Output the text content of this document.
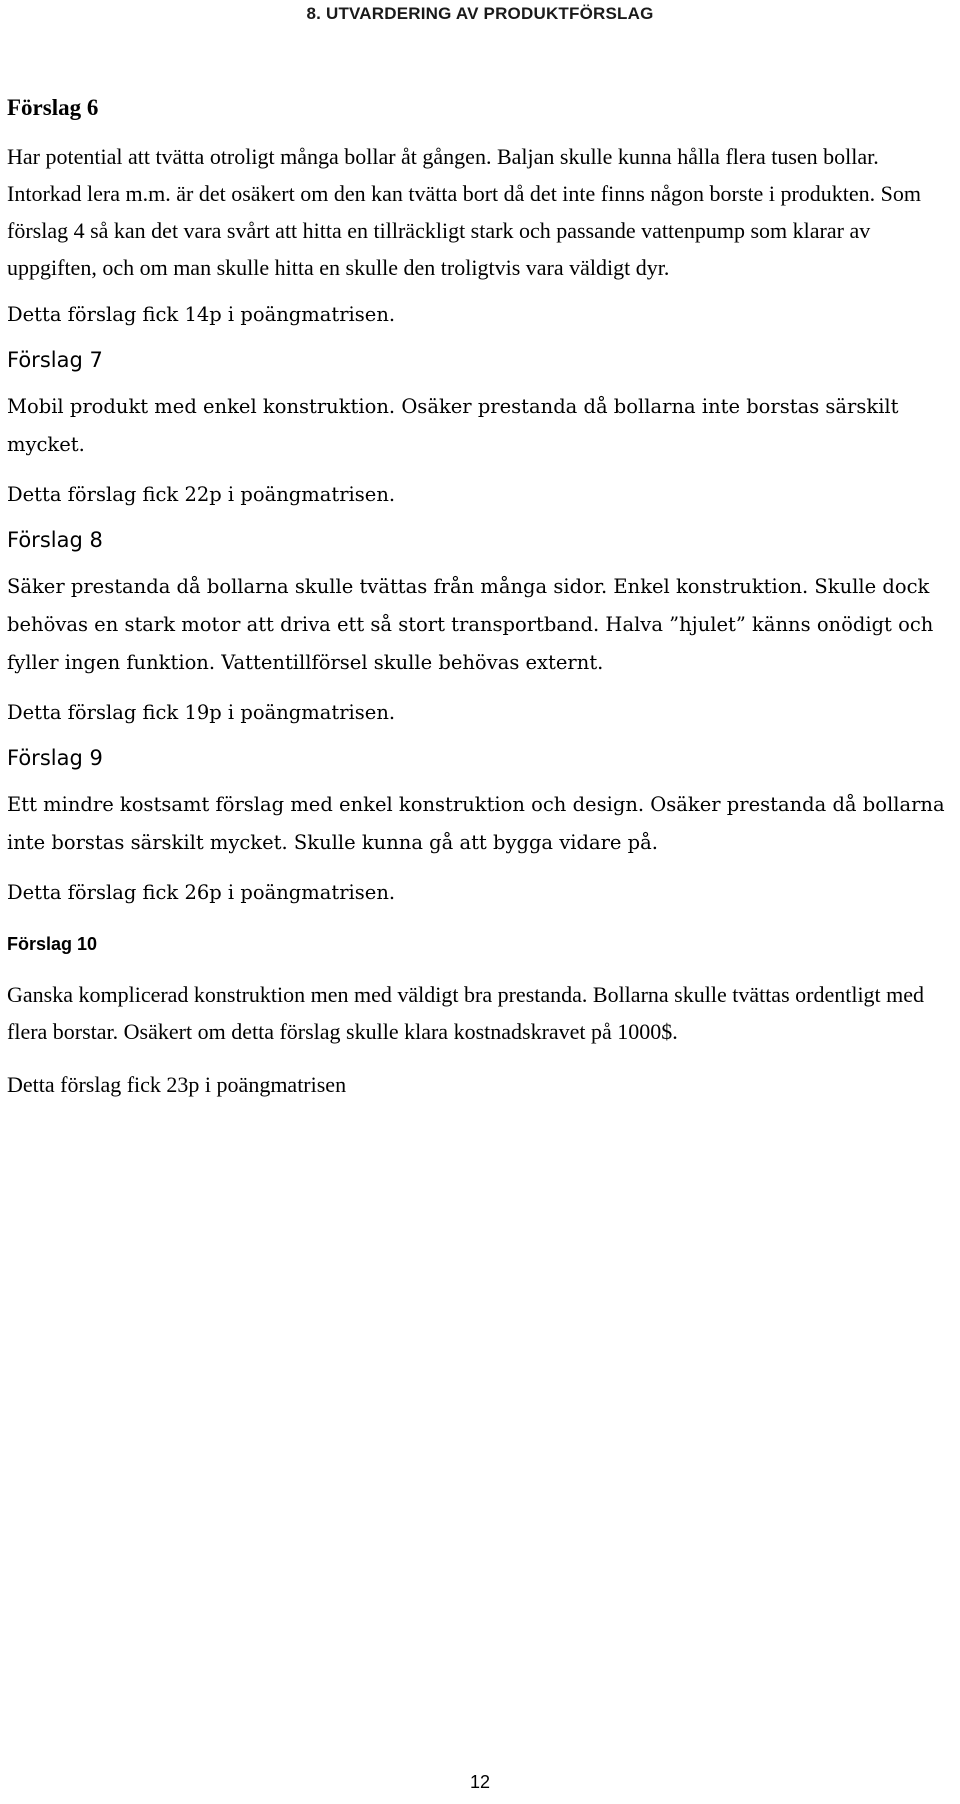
8. UTVARDERING AV PRODUKTFÖRSLAG
Förslag 6

Har potential att tvätta otroligt många bollar åt gången. Baljan skulle kunna hålla flera tusen bollar. Intorkad lera m.m. är det osäkert om den kan tvätta bort då det inte finns någon borste i produkten. Som förslag 4 så kan det vara svårt att hitta en tillräckligt stark och passande vattenpump som klarar av uppgiften, och om man skulle hitta en skulle den troligtvis vara väldigt dyr.

Detta förslag fick 14p i poängmatrisen.

Förslag 7

Mobil produkt med enkel konstruktion. Osäker prestanda då bollarna inte borstas särskilt mycket.

Detta förslag fick 22p i poängmatrisen.

Förslag 8

Säker prestanda då bollarna skulle tvättas från många sidor. Enkel konstruktion. Skulle dock behövas en stark motor att driva ett så stort transportband. Halva ”hjulet” känns onödigt och fyller ingen funktion. Vattentillförsel skulle behövas externt.

Detta förslag fick 19p i poängmatrisen.

Förslag 9

Ett mindre kostsamt förslag med enkel konstruktion och design. Osäker prestanda då bollarna inte borstas särskilt mycket. Skulle kunna gå att bygga vidare på.

Detta förslag fick 26p i poängmatrisen.

Förslag 10

Ganska komplicerad konstruktion men med väldigt bra prestanda. Bollarna skulle tvättas ordentligt med flera borstar. Osäkert om detta förslag skulle klara kostnadskravet på 1000$.

Detta förslag fick 23p i poängmatrisen

12
